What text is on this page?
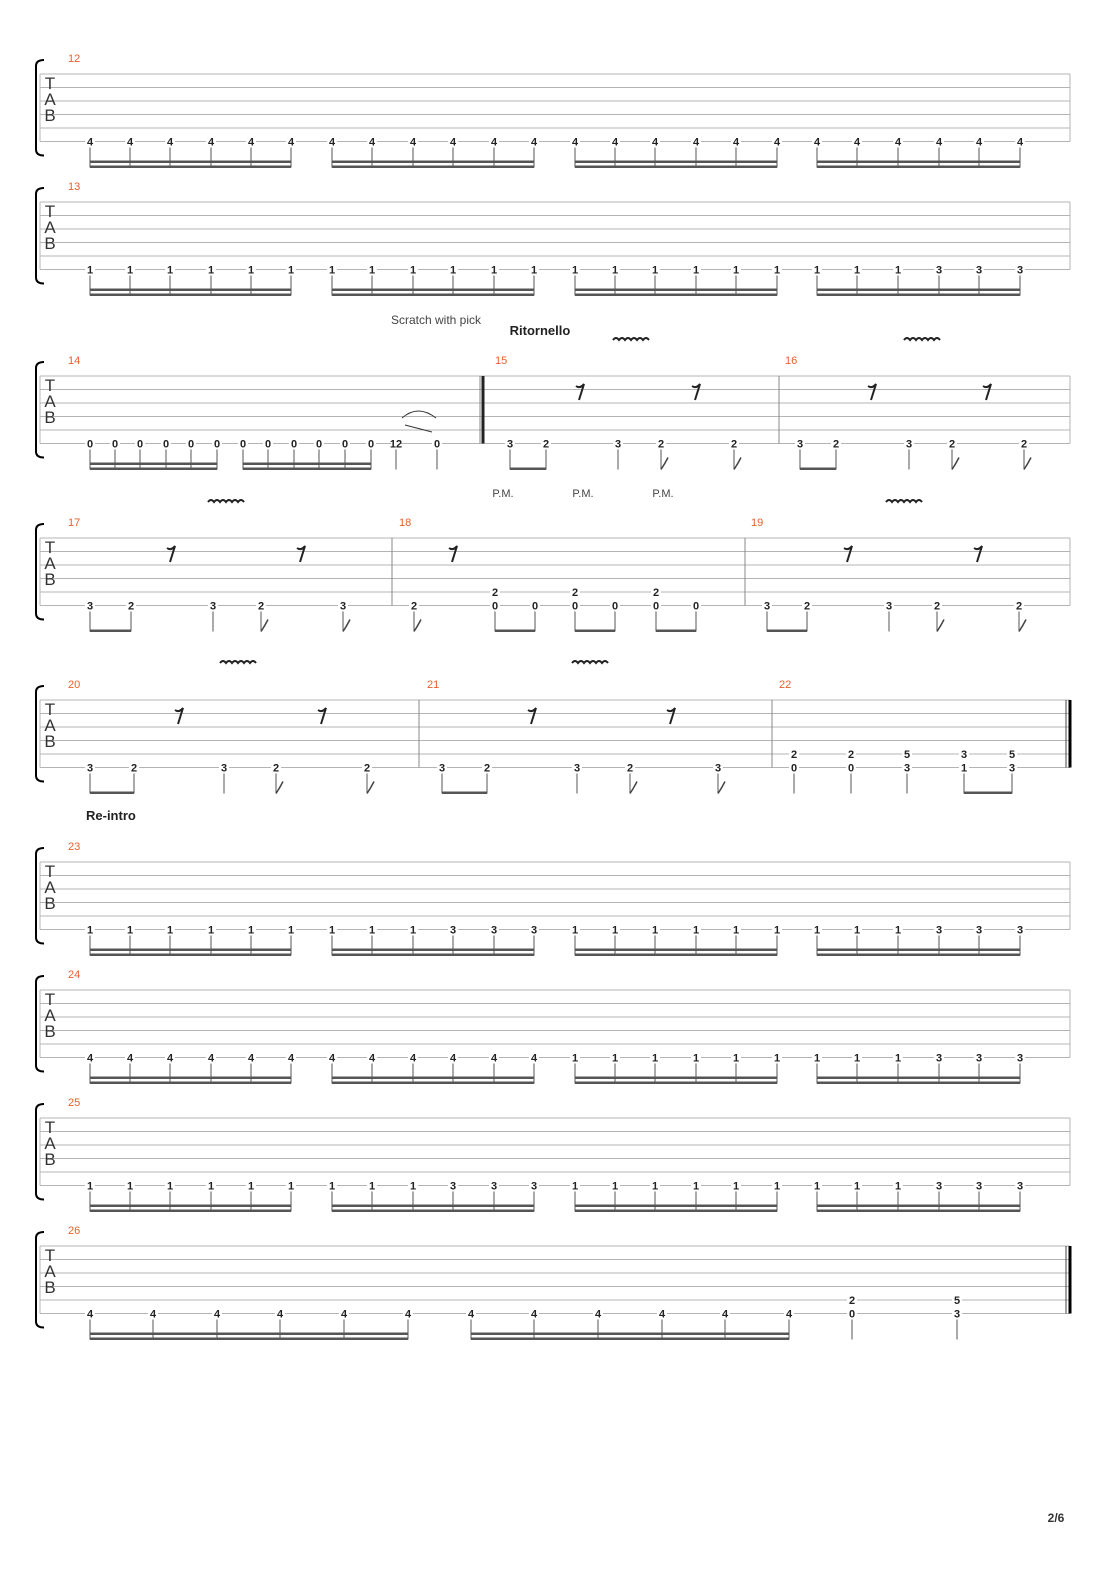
T
A
B
12
4	4	4	4	4	4	4	4	4	4	4	4	4	4	4	4	4	4	4	4	4	4	4	4
T
A
B
13
1	1	1	1	1	1	1	1	1	1	1	1	1	1	1	1	1	1	1	1	1	3	3	3
T
A
B
14	15	16
0 0 0 0 0 0 0 0 0 0 0 0 12	0	3	2	3	2	2	3	2	3	2	2
T
A
B
17	18	19
3	2	3	2	3	2
2
0	0
2
0	0
2
0	0	3	2	3	2	2
T
A
B
20	21	22
3	2	3	2	2	3	2	3	2	3
2
0
2
0
5
3
3
1
5
3
T
A
B
23
1	1	1	1	1	1	1	1	1	3	3	3	1	1	1	1	1	1	1	1	1	3	3	3
T
A
B
24
4	4	4	4	4	4	4	4	4	4	4	4	1	1	1	1	1	1	1	1	1	3	3	3
T
A
B
25
1	1	1	1	1	1	1	1	1	3	3	3	1	1	1	1	1	1	1	1	1	3	3	3
T
A
B
26
4	4	4	4	4	4	4	4	4	4	4	4
2
0
5
3
Scratch with pick
Ritornello
Re-intro
P.M.	P.M.	P.M.
2/6
